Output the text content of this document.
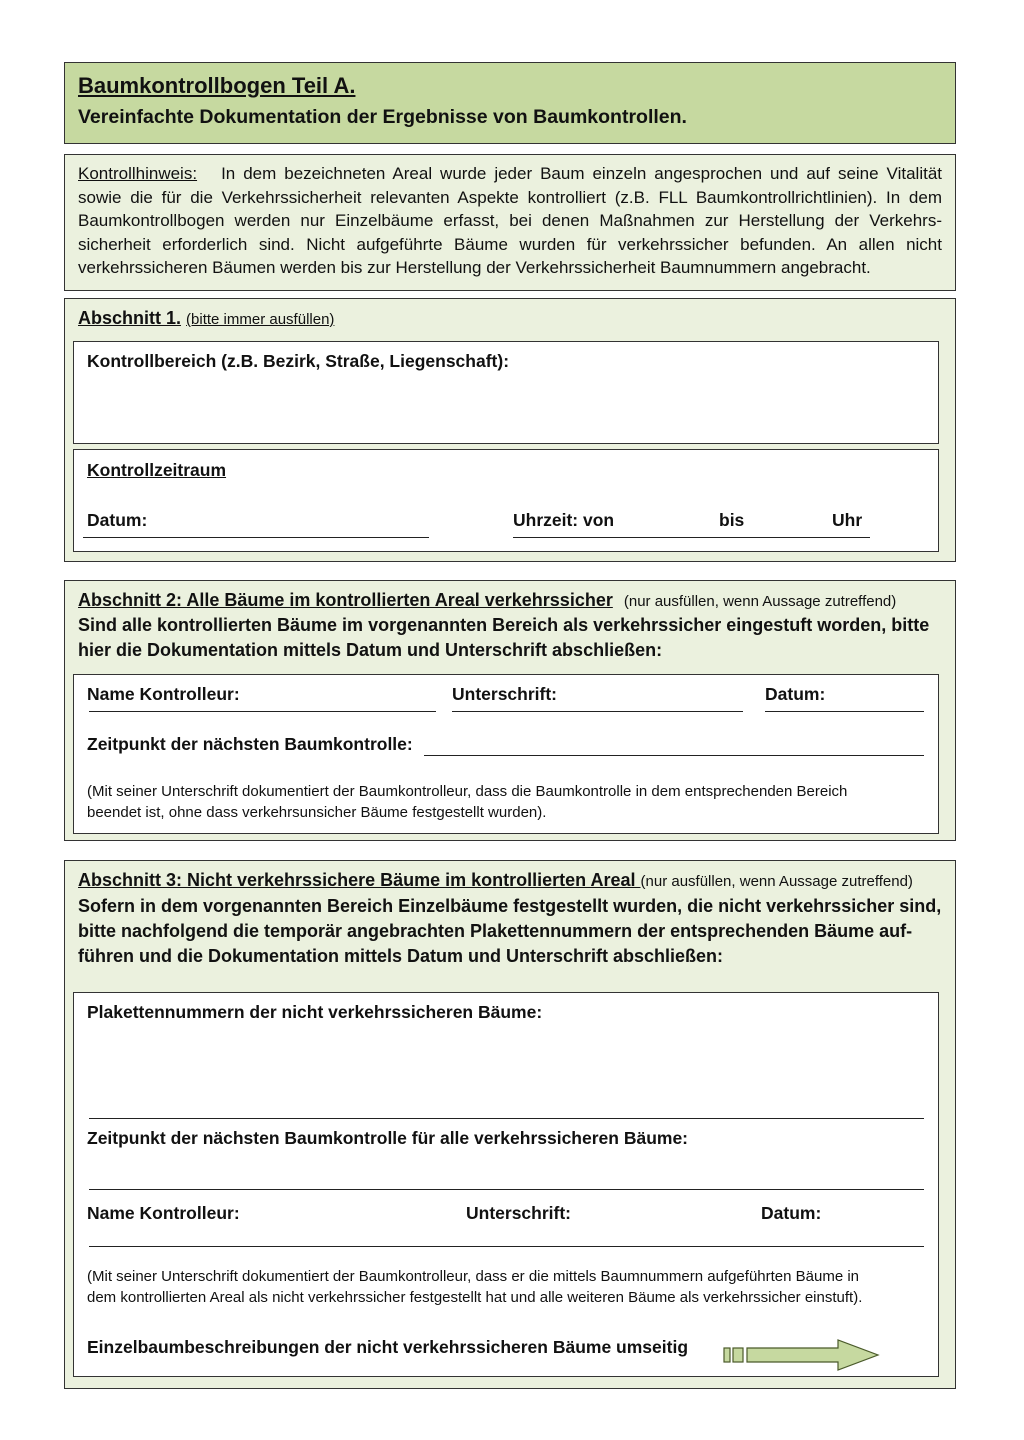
Baumkontrollbogen Teil A.
Vereinfachte Dokumentation der Ergebnisse von Baumkontrollen.
Kontrollhinweis: In dem bezeichneten Areal wurde jeder Baum einzeln angesprochen und auf seine Vitalität
sowie die für die Verkehrssicherheit relevanten Aspekte kontrolliert (z.B. FLL Baumkontrollrichtlinien). In dem
Baumkontrollbogen werden nur Einzelbäume erfasst, bei denen Maßnahmen zur Herstellung der Verkehrs-
sicherheit erforderlich sind. Nicht aufgeführte Bäume wurden für verkehrssicher befunden. An allen nicht
verkehrssicheren Bäumen werden bis zur Herstellung der Verkehrssicherheit Baumnummern angebracht.
Abschnitt 1. (bitte immer ausfüllen)
Kontrollbereich (z.B. Bezirk, Straße, Liegenschaft):
Kontrollzeitraum
Datum:	Uhrzeit: von	bis	Uhr
Abschnitt 2: Alle Bäume im kontrollierten Areal verkehrssicher (nur ausfüllen, wenn Aussage zutreffend)
Sind alle kontrollierten Bäume im vorgenannten Bereich als verkehrssicher eingestuft worden, bitte
hier die Dokumentation mittels Datum und Unterschrift abschließen:
Name Kontrolleur:	Unterschrift:	Datum:
Zeitpunkt der nächsten Baumkontrolle:
(Mit seiner Unterschrift dokumentiert der Baumkontrolleur, dass die Baumkontrolle in dem entsprechenden Bereich
beendet ist, ohne dass verkehrsunsicher Bäume festgestellt wurden).
Abschnitt 3: Nicht verkehrssichere Bäume im kontrollierten Areal (nur ausfüllen, wenn Aussage zutreffend)
Sofern in dem vorgenannten Bereich Einzelbäume festgestellt wurden, die nicht verkehrssicher sind,
bitte nachfolgend die temporär angebrachten Plakettennummern der entsprechenden Bäume auf-
führen und die Dokumentation mittels Datum und Unterschrift abschließen:
Plakettennummern der nicht verkehrssicheren Bäume:
Zeitpunkt der nächsten Baumkontrolle für alle verkehrssicheren Bäume:
Name Kontrolleur:	Unterschrift:	Datum:
(Mit seiner Unterschrift dokumentiert der Baumkontrolleur, dass er die mittels Baumnummern aufgeführten Bäume in
dem kontrollierten Areal als nicht verkehrssicher festgestellt hat und alle weiteren Bäume als verkehrssicher einstuft).
Einzelbaumbeschreibungen der nicht verkehrssicheren Bäume umseitig
